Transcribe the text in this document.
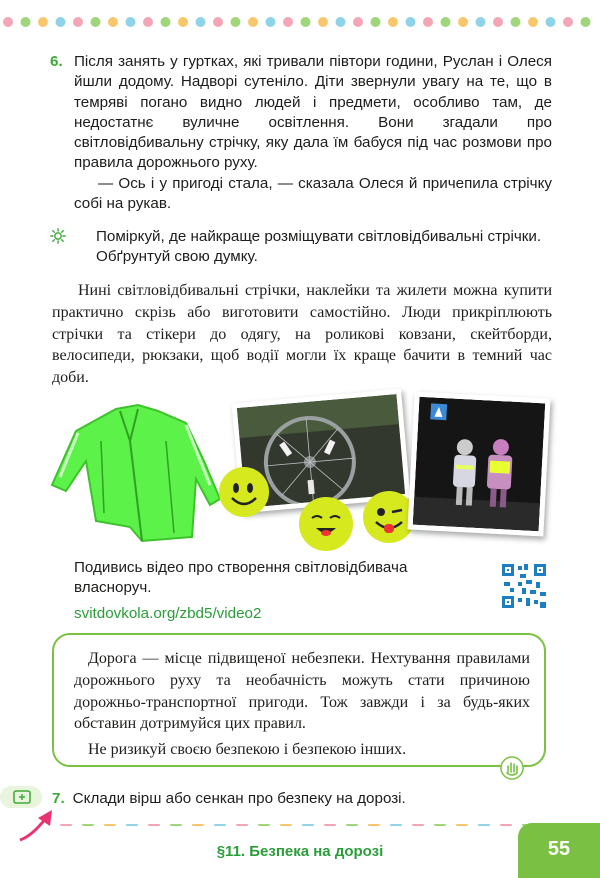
6. Після занять у гуртках, які тривали півтори години, Руслан і Олеся йшли додому. Надворі сутеніло. Діти звернули увагу на те, що в темряві погано видно людей і предмети, особливо там, де недостатнє вуличне освітлення. Вони згадали про світловідбивальну стрічку, яку дала їм бабуся під час розмови про правила дорожнього руху.
— Ось і у пригоді стала, — сказала Олеся й причепила стрічку собі на рукав.
Поміркуй, де найкраще розміщувати світловідбивальні стрічки. Обґрунтуй свою думку.
Нині світловідбивальні стрічки, наклейки та жилети можна купити практично скрізь або виготовити самостійно. Люди прикріплюють стрічки та стікери до одягу, на роликові ковзани, скейтборди, велосипеди, рюкзаки, щоб водії могли їх краще бачити в темний час доби.
Подивись відео про створення світловідбивача власноруч.
svitdovkola.org/zbd5/video2

Дорога — місце підвищеної небезпеки. Нехтування правилами дорожнього руху та необачність можуть стати причиною дорожньо-транспортної пригоди. Тож завжди і за будь-яких обставин дотримуйся цих правил.

Не ризикуй своєю безпекою і безпекою інших.

7. Склади вірш або сенкан про безпеку на дорозі.
§11. Безпека на дорозі	55
